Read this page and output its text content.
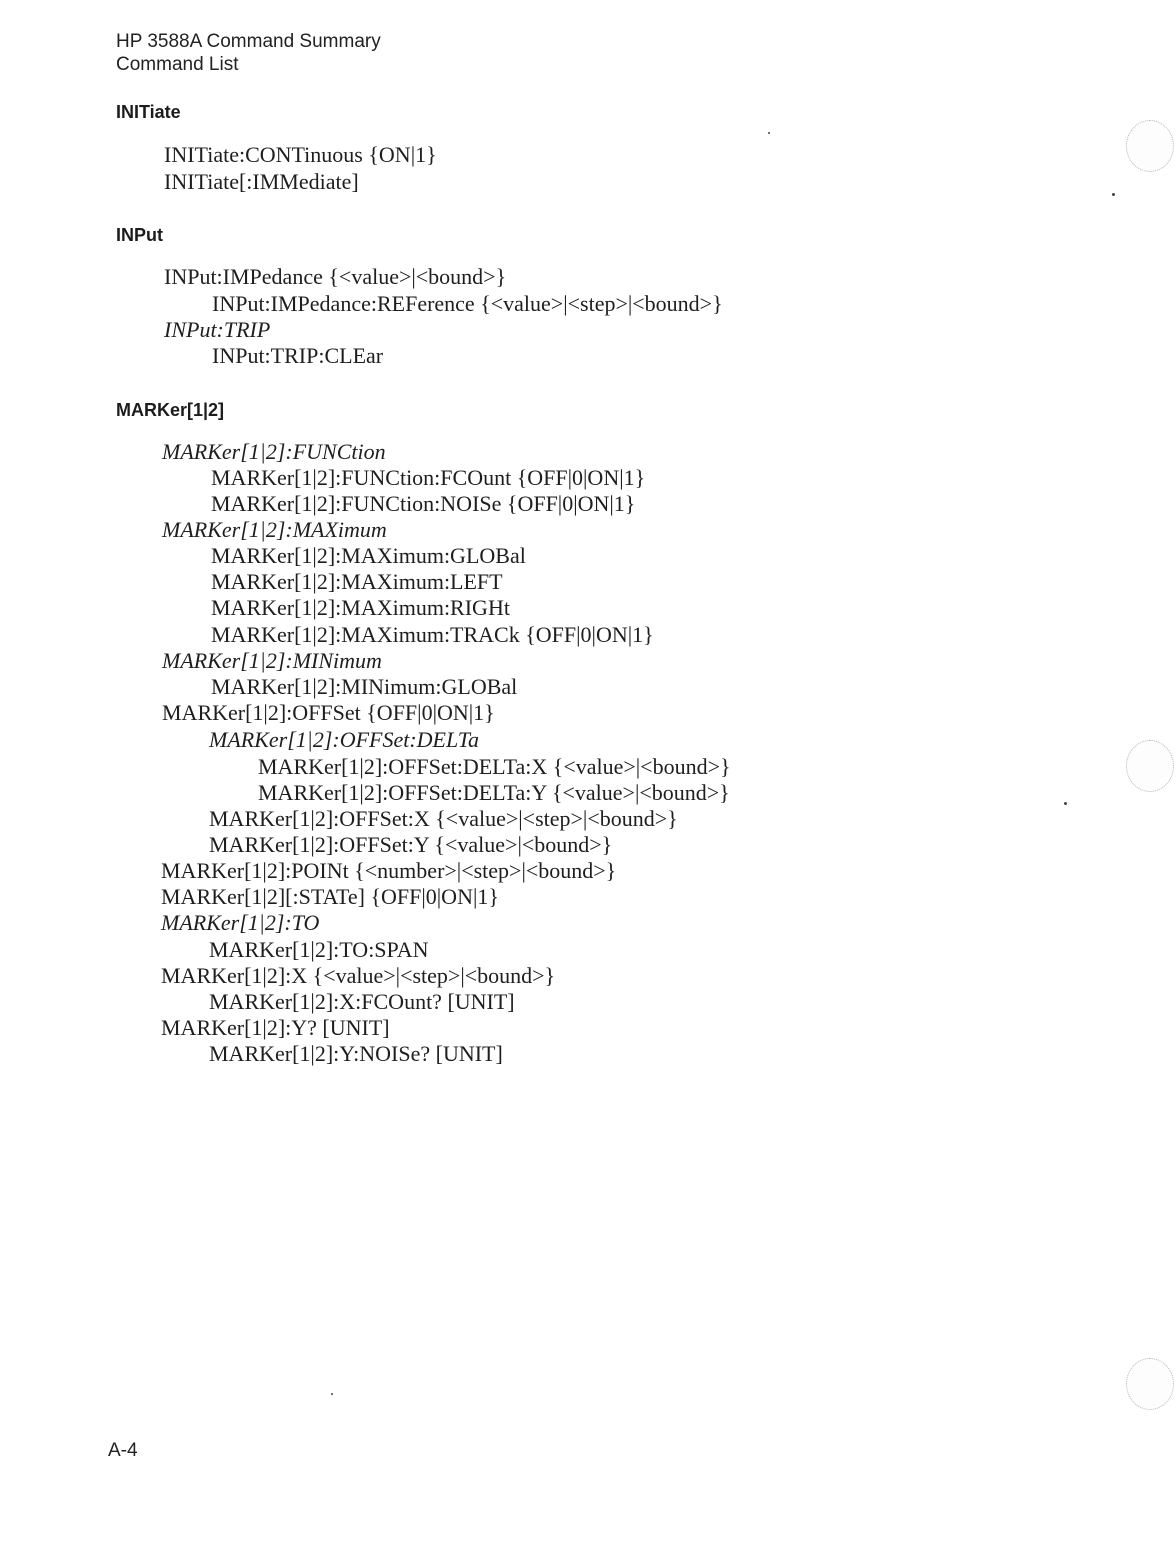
HP 3588A Command Summary
Command List
INITiate
INITiate:CONTinuous {ON|1}
INITiate[:IMMediate]
INPut
INPut:IMPedance {<value>|<bound>}
INPut:IMPedance:REFerence {<value>|<step>|<bound>}
INPut:TRIP
INPut:TRIP:CLEar
MARKer[1|2]
MARKer[1|2]:FUNCtion
MARKer[1|2]:FUNCtion:FCOunt {OFF|0|ON|1}
MARKer[1|2]:FUNCtion:NOISe {OFF|0|ON|1}
MARKer[1|2]:MAXimum
MARKer[1|2]:MAXimum:GLOBal
MARKer[1|2]:MAXimum:LEFT
MARKer[1|2]:MAXimum:RIGHt
MARKer[1|2]:MAXimum:TRACk {OFF|0|ON|1}
MARKer[1|2]:MINimum
MARKer[1|2]:MINimum:GLOBal
MARKer[1|2]:OFFSet {OFF|0|ON|1}
MARKer[1|2]:OFFSet:DELTa
MARKer[1|2]:OFFSet:DELTa:X {<value>|<bound>}
MARKer[1|2]:OFFSet:DELTa:Y {<value>|<bound>}
MARKer[1|2]:OFFSet:X {<value>|<step>|<bound>}
MARKer[1|2]:OFFSet:Y {<value>|<bound>}
MARKer[1|2]:POINt {<number>|<step>|<bound>}
MARKer[1|2][:STATe] {OFF|0|ON|1}
MARKer[1|2]:TO
MARKer[1|2]:TO:SPAN
MARKer[1|2]:X {<value>|<step>|<bound>}
MARKer[1|2]:X:FCOunt? [UNIT]
MARKer[1|2]:Y? [UNIT]
MARKer[1|2]:Y:NOISe? [UNIT]
A-4
